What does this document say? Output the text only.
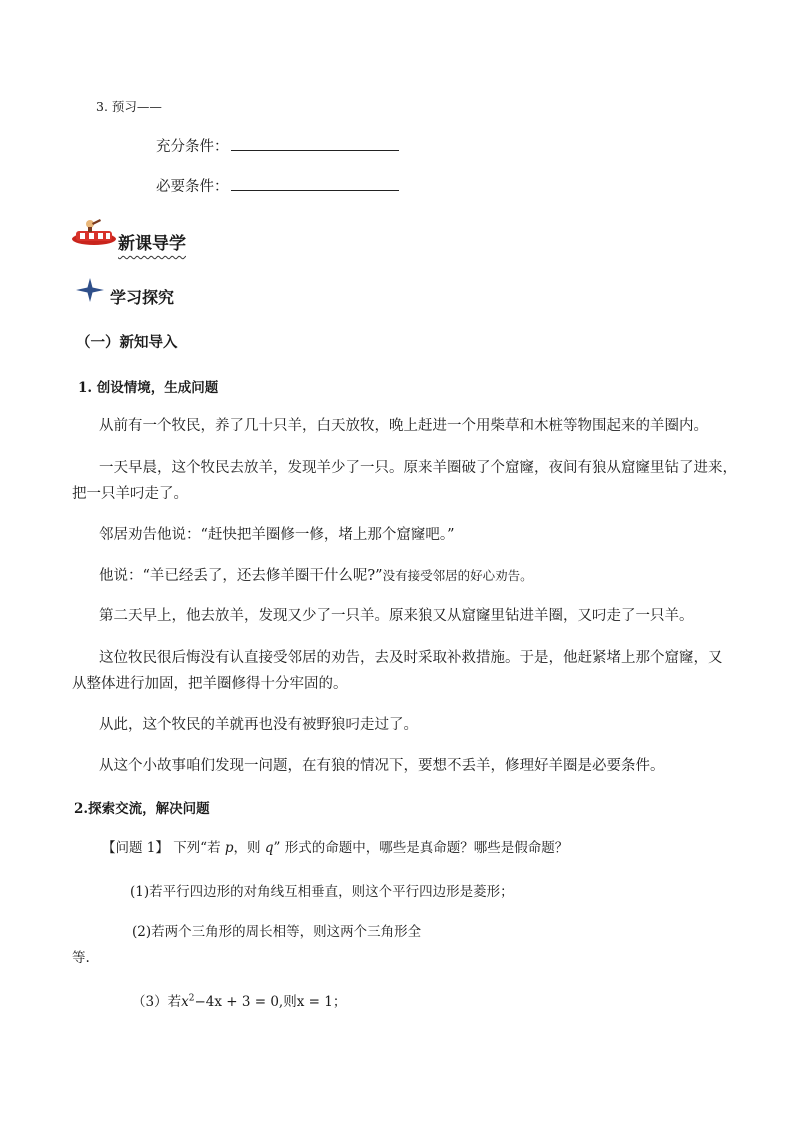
3. 预习——
充分条件：
必要条件：
新课导学
学习探究
（一）新知导入
1. 创设情境，生成问题
从前有一个牧民，养了几十只羊，白天放牧，晚上赶进一个用柴草和木桩等物围起来的羊圈内。
一天早晨，这个牧民去放羊，发现羊少了一只。原来羊圈破了个窟窿，夜间有狼从窟窿里钻了进来，
把一只羊叼走了。
邻居劝告他说：“赶快把羊圈修一修，堵上那个窟窿吧。”
他说：“羊已经丢了，还去修羊圈干什么呢?”没有接受邻居的好心劝告。
第二天早上，他去放羊，发现又少了一只羊。原来狼又从窟窿里钻进羊圈，又叼走了一只羊。
这位牧民很后悔没有认直接受邻居的劝告，去及时采取补救措施。于是，他赶紧堵上那个窟窿，又
从整体进行加固，把羊圈修得十分牢固的。
从此，这个牧民的羊就再也没有被野狼叼走过了。
从这个小故事咱们发现一问题，在有狼的情况下，要想不丢羊，修理好羊圈是必要条件。
2.探索交流，解决问题
【问题 1】 下列“若 p，则 q” 形式的命题中，哪些是真命题？哪些是假命题？
(1)若平行四边形的对角线互相垂直，则这个平行四边形是菱形；
(2)若两个三角形的周长相等，则这两个三角形全
等.
（3）若$x^2-4x + 3 = 0$,则x = 1；
